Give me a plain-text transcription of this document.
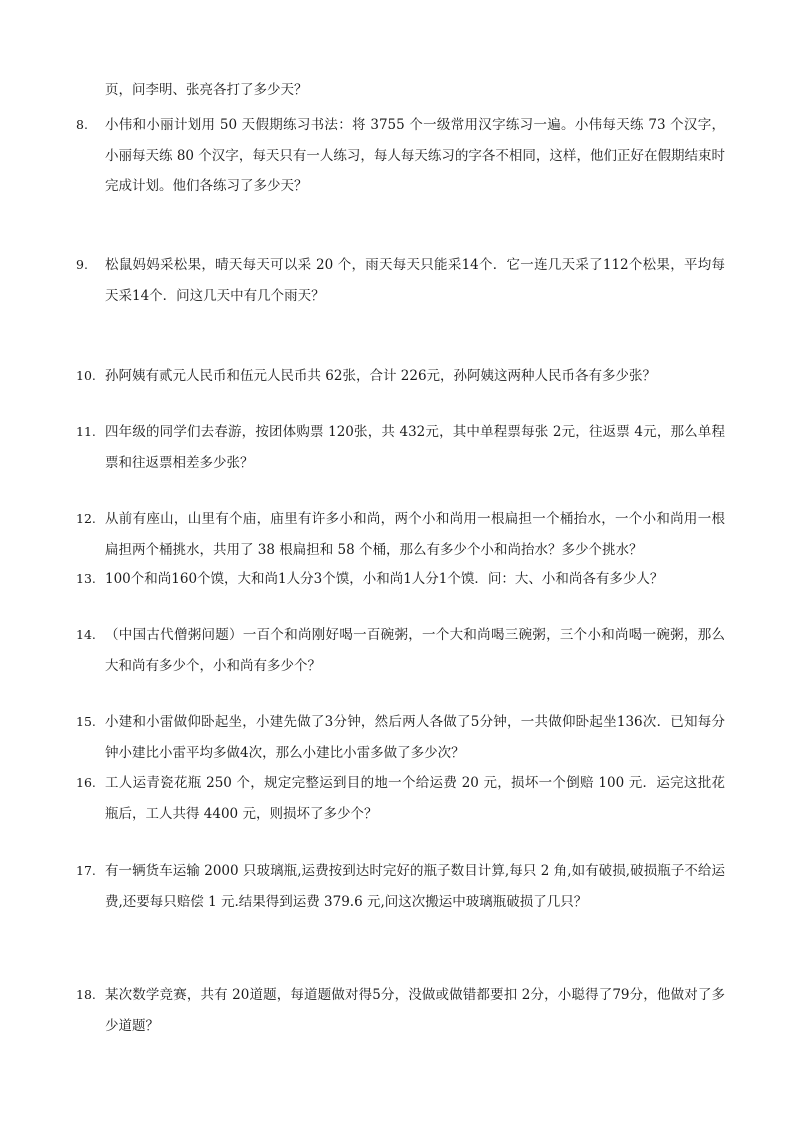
页，问李明、张亮各打了多少天？
8.	小伟和小丽计划用 50 天假期练习书法：将 3755 个一级常用汉字练习一遍。小伟每天练 73 个汉字，小丽每天练 80 个汉字，每天只有一人练习，每人每天练习的字各不相同，这样，他们正好在假期结束时完成计划。他们各练习了多少天？
9.	松鼠妈妈采松果，晴天每天可以采 20 个，雨天每天只能采14个．它一连几天采了112个松果，平均每天采14个．问这几天中有几个雨天？
10. 孙阿姨有贰元人民币和伍元人民币共 62张，合计 226元，孙阿姨这两种人民币各有多少张？
11. 四年级的同学们去春游，按团体购票 120张，共 432元，其中单程票每张 2元，往返票 4元，那么单程票和往返票相差多少张？
12. 从前有座山，山里有个庙，庙里有许多小和尚，两个小和尚用一根扁担一个桶抬水，一个小和尚用一根扁担两个桶挑水，共用了 38 根扁担和 58 个桶，那么有多少个小和尚抬水？多少个挑水？
13. 100个和尚160个馍，大和尚1人分3个馍，小和尚1人分1个馍．问：大、小和尚各有多少人？
14. （中国古代僧粥问题）一百个和尚刚好喝一百碗粥，一个大和尚喝三碗粥，三个小和尚喝一碗粥，那么大和尚有多少个，小和尚有多少个？
15. 小建和小雷做仰卧起坐，小建先做了3分钟，然后两人各做了5分钟，一共做仰卧起坐136次．已知每分钟小建比小雷平均多做4次，那么小建比小雷多做了多少次？
16. 工人运青瓷花瓶 250 个，规定完整运到目的地一个给运费 20 元，损坏一个倒赔 100 元．运完这批花瓶后，工人共得 4400 元，则损坏了多少个？
17. 有一辆货车运输 2000 只玻璃瓶,运费按到达时完好的瓶子数目计算,每只 2 角,如有破损,破损瓶子不给运费,还要每只赔偿 1 元.结果得到运费 379.6 元,问这次搬运中玻璃瓶破损了几只？
18. 某次数学竞赛，共有 20道题，每道题做对得5分，没做或做错都要扣 2分，小聪得了79分，他做对了多少道题？
